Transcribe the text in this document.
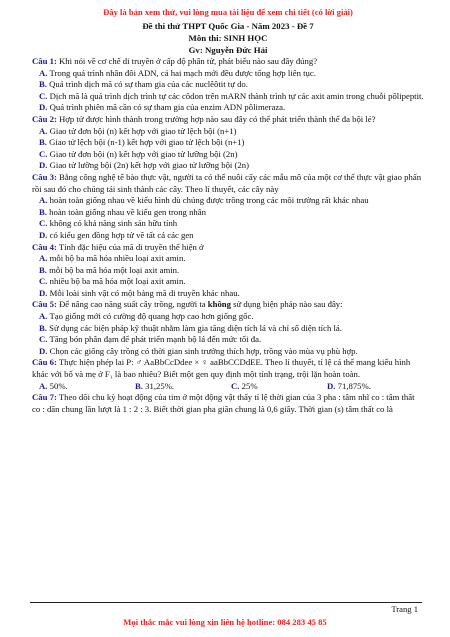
Đây là bản xem thử, vui lòng mua tài liệu để xem chi tiết (có lời giải)
Đề thi thử THPT Quốc Gia - Năm 2023 - Đề 7
Môn thi: SINH HỌC
Gv: Nguyễn Đức Hải

Câu 1: Khi nói về cơ chế di truyền ở cấp độ phân tử, phát biểu nào sau đây đúng?

A. Trong quá trình nhân đôi ADN, cả hai mạch mới đều được tổng hợp liên tục.

B. Quá trình dịch mã có sự tham gia của các nuclêôtit tự do.

C. Dịch mã là quá trình dịch trình tự các côdon trên mARN thành trình tự các axit amin trong chuỗi pôlipeptit.

D. Quá trình phiên mã cần có sự tham gia của enzim ADN pôlimeraza.

Câu 2: Hợp tử được hình thành trong trường hợp nào sau đây có thể phát triển thành thể đa bội lẻ?

A. Giao tử đơn bội (n) kết hợp với giao tử lệch bội (n+1)

B. Giao tử lệch bội (n-1) kết hợp với giao tử lệch bội (n+1)

C. Giao tử đơn bội (n) kết hợp với giao tử lưỡng bội (2n)

D. Giao tử lưỡng bội (2n) kết hợp với giao tử lưỡng bội (2n)

Câu 3: Bằng công nghệ tế bào thực vật, người ta có thể nuôi cấy các mẫu mô của một cơ thể thực vật giao phấn rồi sau đó cho chúng tái sinh thành các cây. Theo lí thuyết, các cây này

A. hoàn toàn giống nhau về kiểu hình dù chúng được trồng trong các môi trường rất khác nhau

B. hoàn toàn giống nhau về kiểu gen trong nhân

C. không có khả năng sinh sản hữu tính

D. có kiểu gen đồng hợp tử về tất cả các gen

Câu 4: Tính đặc hiệu của mã di truyền thể hiện ở

A. mỗi bộ ba mã hóa nhiều loại axit amin.

B. mỗi bộ ba mã hóa một loại axit amin.

C. nhiều bộ ba mã hóa một loại axit amin.

D. Mỗi loài sinh vật có một bảng mã di truyền khác nhau.

Câu 5: Để nâng cao năng suất cây trồng, người ta không sử dụng biện pháp nào sau đây:

A. Tạo giống mới có cường độ quang hợp cao hơn giống gốc.

B. Sử dụng các biện pháp kỹ thuật nhằm làm gia tăng diện tích lá và chỉ số diện tích lá.

C. Tăng bón phân đạm để phát triển mạnh bộ lá đến mức tối đa.

D. Chọn các giống cây trồng có thời gian sinh trưởng thích hợp, trồng vào mùa vụ phù hợp.

Câu 6: Thực hiện phép lai P: ♂ AaBbCcDdee × ♀ aaBbCCDdEE. Theo lí thuyết, tỉ lệ cá thể mang kiểu hình khác với bố và mẹ ở F₁ là bao nhiêu? Biết một gen quy định một tính trạng, trội lặn hoàn toàn.

A. 50%.	B. 31,25%.	C. 25%	D. 71,875%.

Câu 7: Theo dõi chu kỳ hoạt động của tim ở một động vật thấy tỉ lệ thời gian của 3 pha : tâm nhĩ co : tâm thất co : dãn chung lần lượt là 1 : 2 : 3. Biết thời gian pha giãn chung là 0,6 giây. Thời gian (s) tâm thất co là

Trang 1
Mọi thắc mắc vui lòng xin liên hệ hotline: 084 283 45 85
